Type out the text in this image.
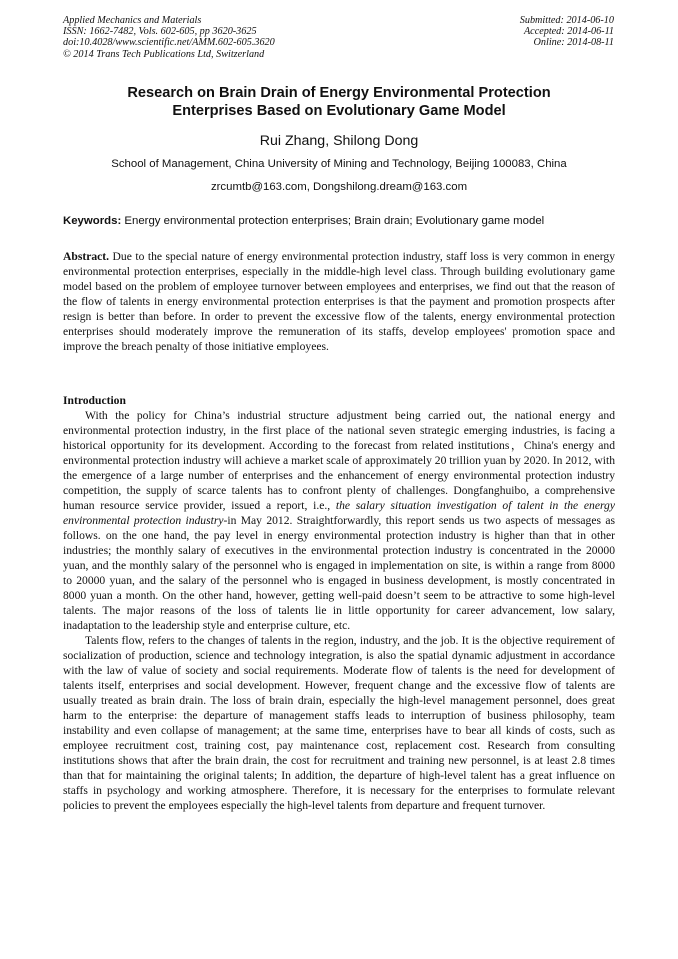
Applied Mechanics and Materials
ISSN: 1662-7482, Vols. 602-605, pp 3620-3625
doi:10.4028/www.scientific.net/AMM.602-605.3620
© 2014 Trans Tech Publications Ltd, Switzerland
Submitted: 2014-06-10
Accepted: 2014-06-11
Online: 2014-08-11
Research on Brain Drain of Energy Environmental Protection
Enterprises Based on Evolutionary Game Model
Rui Zhang, Shilong Dong
School of Management, China University of Mining and Technology, Beijing 100083, China
zrcumtb@163.com, Dongshilong.dream@163.com
Keywords: Energy environmental protection enterprises; Brain drain; Evolutionary game model
Abstract. Due to the special nature of energy environmental protection industry, staff loss is very common in energy environmental protection enterprises, especially in the middle-high level class. Through building evolutionary game model based on the problem of employee turnover between employees and enterprises, we find out that the reason of the flow of talents in energy environmental protection enterprises is that the payment and promotion prospects after resign is better than before. In order to prevent the excessive flow of the talents, energy environmental protection enterprises should moderately improve the remuneration of its staffs, develop employees' promotion space and improve the breach penalty of those initiative employees.
Introduction

With the policy for China’s industrial structure adjustment being carried out, the national energy and environmental protection industry, in the first place of the national seven strategic emerging industries, is facing a historical opportunity for its development. According to the forecast from related institutions，China's energy and environmental protection industry will achieve a market scale of approximately 20 trillion yuan by 2020. In 2012, with the emergence of a large number of enterprises and the enhancement of energy environmental protection industry competition, the supply of scarce talents has to confront plenty of challenges. Dongfanghuibo, a comprehensive human resource service provider, issued a report, i.e., the salary situation investigation of talent in the energy environmental protection industry-in May 2012. Straightforwardly, this report sends us two aspects of messages as follows. on the one hand, the pay level in energy environmental protection industry is higher than that in other industries; the monthly salary of executives in the environmental protection industry is concentrated in the 20000 yuan, and the monthly salary of the personnel who is engaged in implementation on site, is within a range from 8000 to 20000 yuan, and the salary of the personnel who is engaged in business development, is mostly concentrated in 8000 yuan a month. On the other hand, however, getting well-paid doesn’t seem to be attractive to some high-level talents. The major reasons of the loss of talents lie in little opportunity for career advancement, low salary, inadaptation to the leadership style and enterprise culture, etc.

Talents flow, refers to the changes of talents in the region, industry, and the job. It is the objective requirement of socialization of production, science and technology integration, is also the spatial dynamic adjustment in accordance with the law of value of society and social requirements. Moderate flow of talents is the need for development of talents itself, enterprises and social development. However, frequent change and the excessive flow of talents are usually treated as brain drain. The loss of brain drain, especially the high-level management personnel, does great harm to the enterprise: the departure of management staffs leads to interruption of business philosophy, team instability and even collapse of management; at the same time, enterprises have to bear all kinds of costs, such as employee recruitment cost, training cost, pay maintenance cost, replacement cost. Research from consulting institutions shows that after the brain drain, the cost for recruitment and training new personnel, is at least 2.8 times than that for maintaining the original talents; In addition, the departure of high-level talent has a great influence on staffs in psychology and working atmosphere. Therefore, it is necessary for the enterprises to formulate relevant policies to prevent the employees especially the high-level talents from departure and frequent turnover.
